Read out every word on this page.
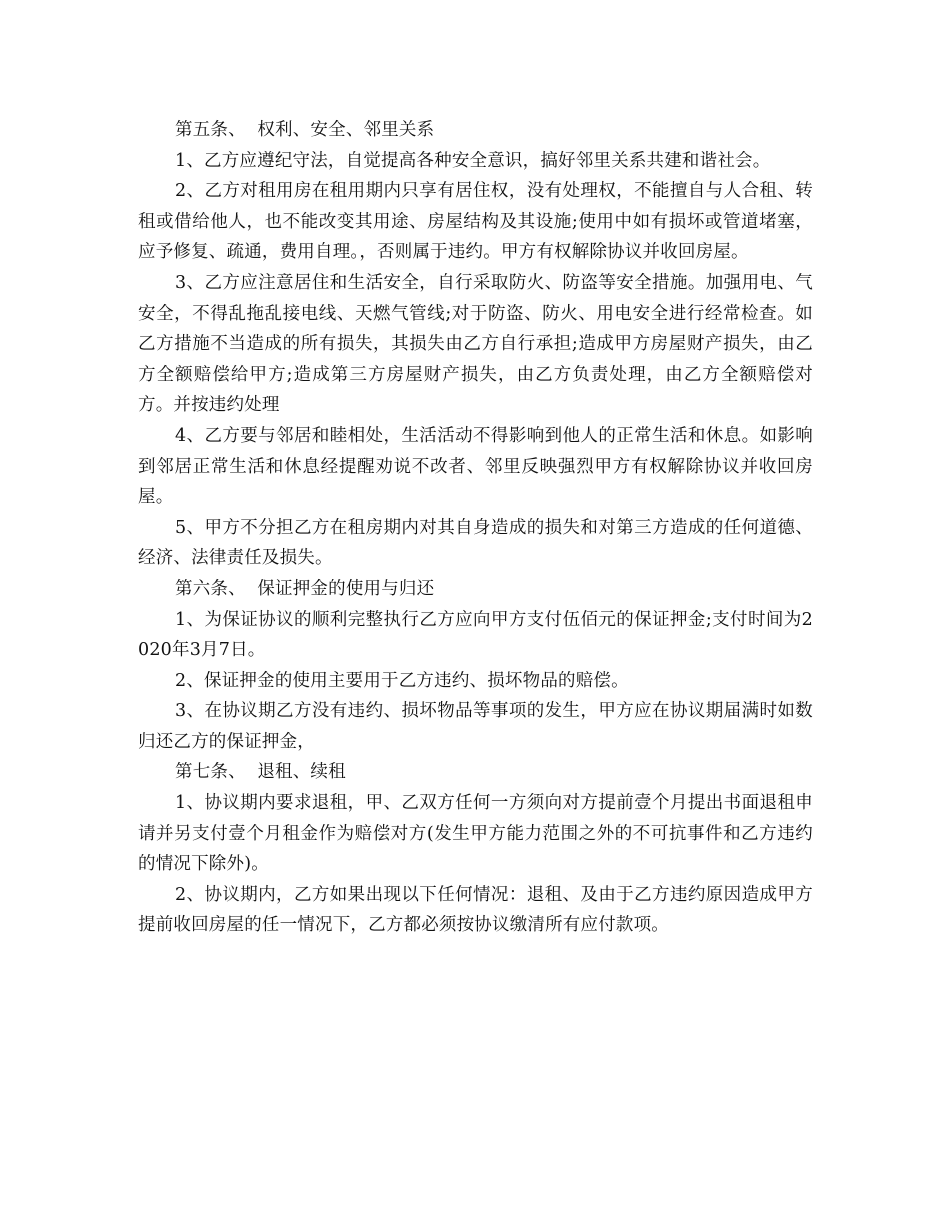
第五条、  权利、安全、邻里关系

1、乙方应遵纪守法，自觉提高各种安全意识，搞好邻里关系共建和谐社会。

2、乙方对租用房在租用期内只享有居住权，没有处理权，不能擅自与人合租、转租或借给他人，也不能改变其用途、房屋结构及其设施;使用中如有损坏或管道堵塞，应予修复、疏通，费用自理。，否则属于违约。甲方有权解除协议并收回房屋。

3、乙方应注意居住和生活安全，自行采取防火、防盗等安全措施。加强用电、气安全，不得乱拖乱接电线、天燃气管线;对于防盗、防火、用电安全进行经常检查。如乙方措施不当造成的所有损失，其损失由乙方自行承担;造成甲方房屋财产损失，由乙方全额赔偿给甲方;造成第三方房屋财产损失，由乙方负责处理，由乙方全额赔偿对方。并按违约处理

4、乙方要与邻居和睦相处，生活活动不得影响到他人的正常生活和休息。如影响到邻居正常生活和休息经提醒劝说不改者、邻里反映强烈甲方有权解除协议并收回房屋。

5、甲方不分担乙方在租房期内对其自身造成的损失和对第三方造成的任何道德、经济、法律责任及损失。

第六条、  保证押金的使用与归还

1、为保证协议的顺利完整执行乙方应向甲方支付伍佰元的保证押金;支付时间为2020年3月7日。

2、保证押金的使用主要用于乙方违约、损坏物品的赔偿。

3、在协议期乙方没有违约、损坏物品等事项的发生，甲方应在协议期届满时如数归还乙方的保证押金，

第七条、  退租、续租

1、协议期内要求退租，甲、乙双方任何一方须向对方提前壹个月提出书面退租申请并另支付壹个月租金作为赔偿对方(发生甲方能力范围之外的不可抗事件和乙方违约的情况下除外)。

2、协议期内，乙方如果出现以下任何情况：退租、及由于乙方违约原因造成甲方提前收回房屋的任一情况下，乙方都必须按协议缴清所有应付款项。
